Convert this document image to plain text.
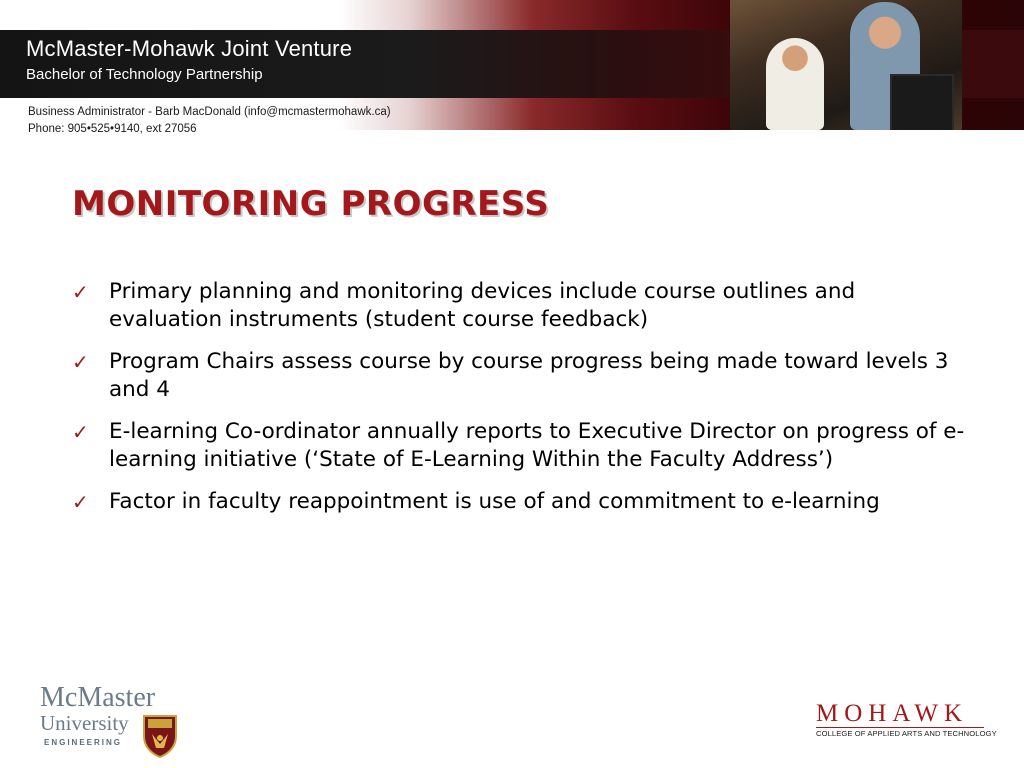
McMaster-Mohawk Joint Venture
Bachelor of Technology Partnership
Business Administrator - Barb MacDonald (info@mcmastermohawk.ca)
Phone: 905•525•9140, ext 27056
MONITORING PROGRESS
✓ Primary planning and monitoring devices include course outlines and evaluation instruments (student course feedback)
✓ Program Chairs assess course by course progress being made toward levels 3 and 4
✓ E-learning Co-ordinator annually reports to Executive Director on progress of e-learning initiative (‘State of E-Learning Within the Faculty Address’)
✓ Factor in faculty reappointment is use of and commitment to e-learning
McMaster
University
ENGINEERING
MOHAWK
COLLEGE OF APPLIED ARTS AND TECHNOLOGY
